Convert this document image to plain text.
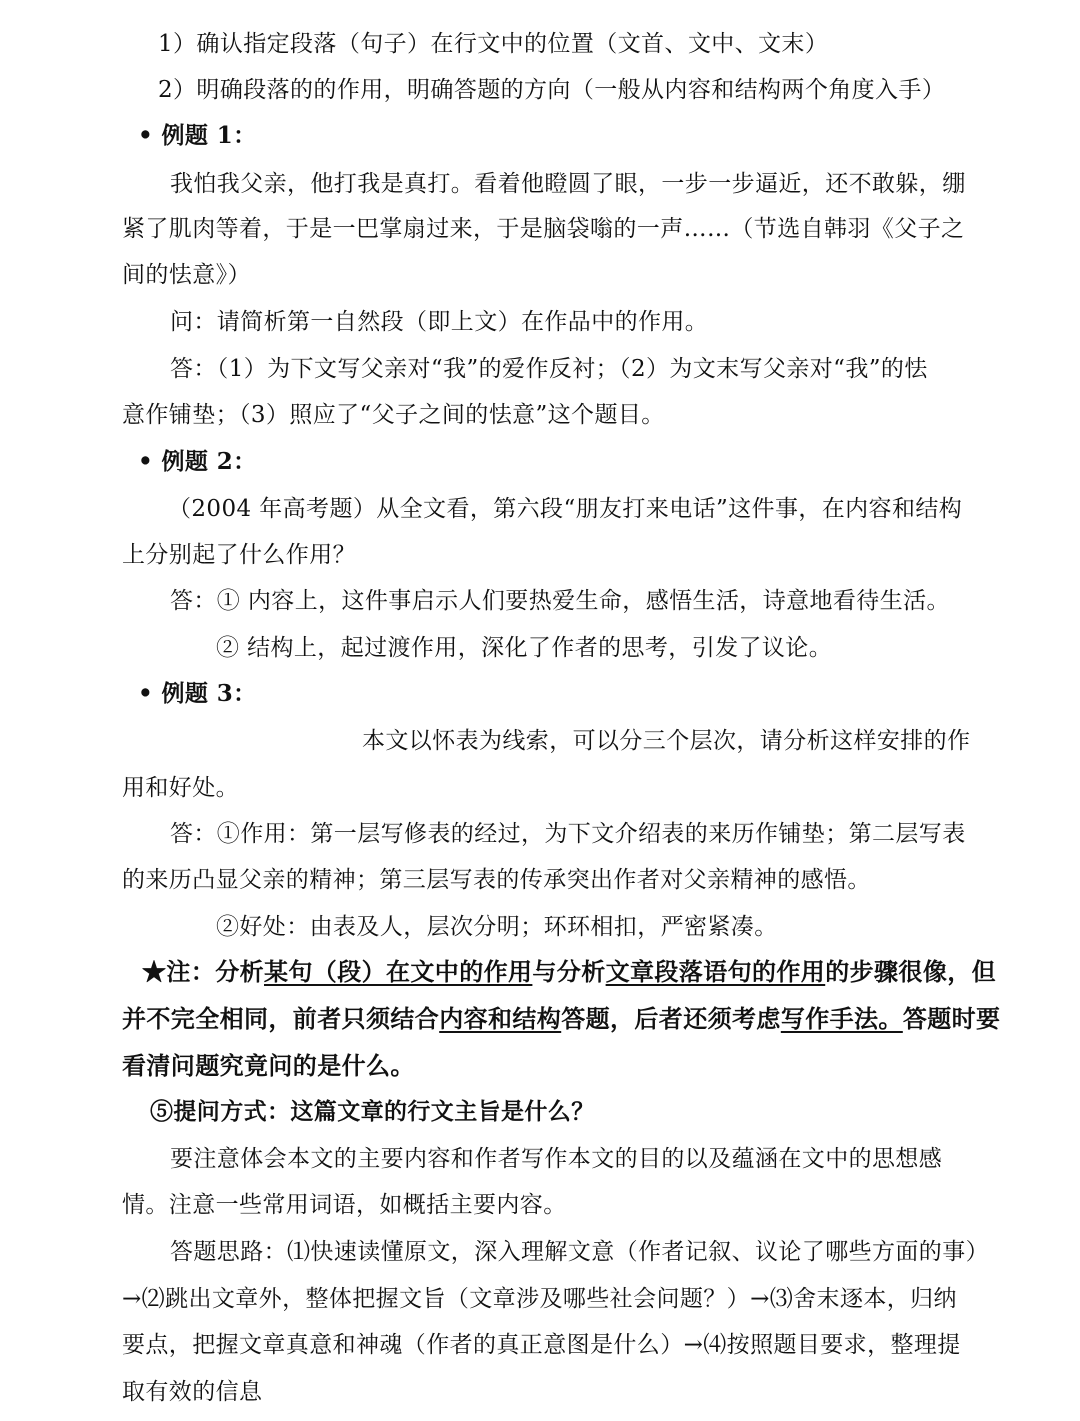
1）确认指定段落（句子）在行文中的位置（文首、文中、文末）
2）明确段落的的作用，明确答题的方向（一般从内容和结构两个角度入手）
• 例题 1：
我怕我父亲，他打我是真打。看着他瞪圆了眼，一步一步逼近，还不敢躲，绷
紧了肌肉等着，于是一巴掌扇过来，于是脑袋嗡的一声……（节选自韩羽《父子之
间的怯意》）
问：请简析第一自然段（即上文）在作品中的作用。
答：（1）为下文写父亲对“我”的爱作反衬；（2）为文末写父亲对“我”的怯
意作铺垫；（3）照应了“父子之间的怯意”这个题目。
• 例题 2：
（2004 年高考题）从全文看，第六段“朋友打来电话”这件事，在内容和结构
上分别起了什么作用？
答：① 内容上，这件事启示人们要热爱生命，感悟生活，诗意地看待生活。
② 结构上，起过渡作用，深化了作者的思考，引发了议论。
• 例题 3：
本文以怀表为线索，可以分三个层次，请分析这样安排的作
用和好处。
答：①作用：第一层写修表的经过，为下文介绍表的来历作铺垫；第二层写表
的来历凸显父亲的精神；第三层写表的传承突出作者对父亲精神的感悟。
②好处：由表及人，层次分明；环环相扣，严密紧凑。
★注：分析某句（段）在文中的作用与分析文章段落语句的作用的步骤很像，但
并不完全相同，前者只须结合内容和结构答题，后者还须考虑写作手法。答题时要
看清问题究竟问的是什么。
⑤提问方式：这篇文章的行文主旨是什么？
要注意体会本文的主要内容和作者写作本文的目的以及蕴涵在文中的思想感
情。注意一些常用词语，如概括主要内容。
答题思路：⑴快速读懂原文，深入理解文意（作者记叙、议论了哪些方面的事）
→⑵跳出文章外，整体把握文旨（文章涉及哪些社会问题？）→⑶舍末逐本，归纳
要点，把握文章真意和神魂（作者的真正意图是什么）→⑷按照题目要求，整理提
取有效的信息
